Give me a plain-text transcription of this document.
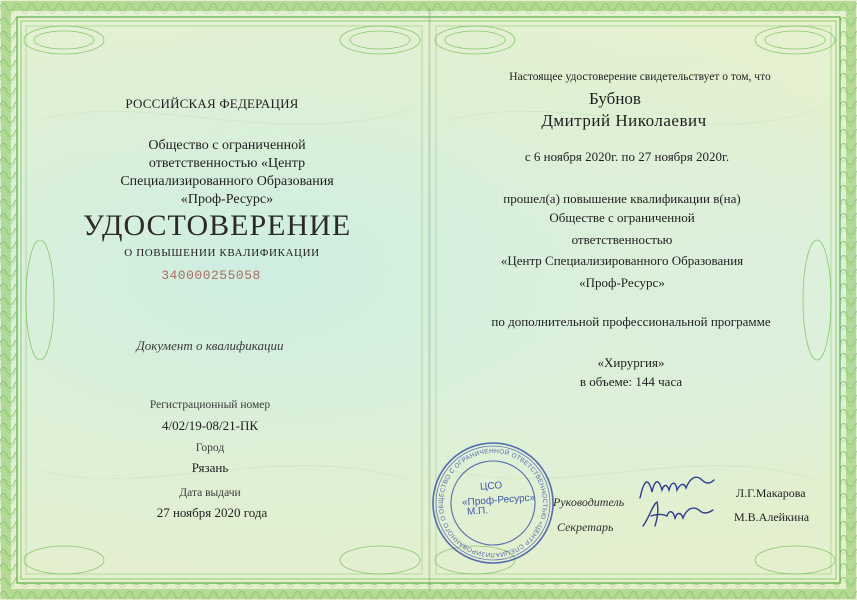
РОССИЙСКАЯ ФЕДЕРАЦИЯ
Общество с ограниченной
ответственностью «Центр
Специализированного Образования
«Проф-Ресурс»
УДОСТОВЕРЕНИЕ
О ПОВЫШЕНИИ КВАЛИФИКАЦИИ
340000255058
Документ о квалификации
Регистрационный номер
4/02/19-08/21-ПК
Город
Рязань
Дата выдачи
27 ноября 2020 года
Настоящее удостоверение свидетельствует о том, что
Бубнов
Дмитрий Николаевич
с 6 ноября 2020г. по 27 ноября 2020г.
прошел(а) повышение квалификации в(на)
Обществе с ограниченной
ответственностью
«Центр Специализированного Образования
«Проф-Ресурс»
по дополнительной профессиональной программе
«Хирургия»
в объеме: 144 часа
ОБЩЕСТВО С ОГРАНИЧЕННОЙ ОТВЕТСТВЕННОСТЬЮ «ЦЕНТР СПЕЦИАЛИЗИРОВАННОГО ОБРАЗОВАНИЯ
ЦСО
«Проф-Ресурс»
М.П.
Руководитель
Секретарь
Л.Г.Макарова
М.В.Алейкина
